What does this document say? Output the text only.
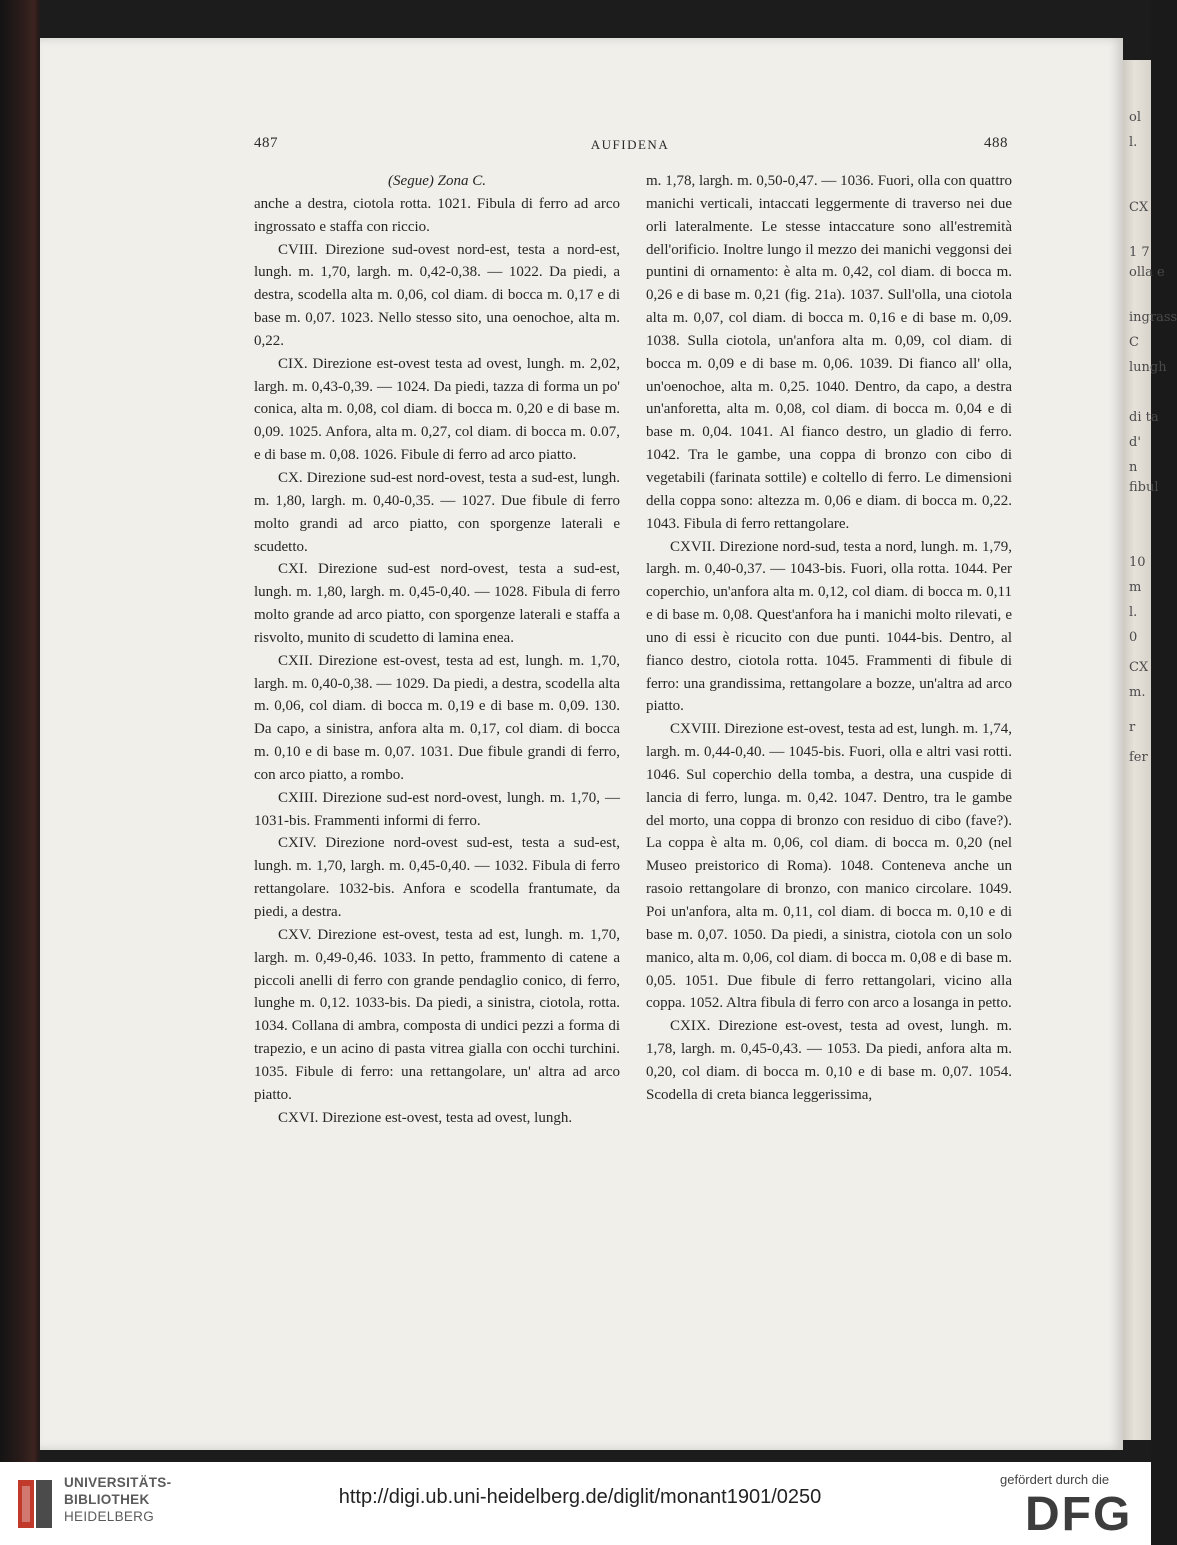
ol
l.
CX
1 7
olla e
ingrass
C
lungh
di ta
d'
n
fibul
10
m
l.
0
CX
m.
r
fer
487	AUFIDENA	488

(Segue) Zona C.

anche a destra, ciotola rotta. 1021. Fibula di ferro ad arco ingrossato e staffa con riccio.

CVIII. Direzione sud-ovest nord-est, testa a nord-est, lungh. m. 1,70, largh. m. 0,42-0,38. — 1022. Da piedi, a destra, scodella alta m. 0,06, col diam. di bocca m. 0,17 e di base m. 0,07. 1023. Nello stesso sito, una oenochoe, alta m. 0,22.

CIX. Direzione est-ovest testa ad ovest, lungh. m. 2,02, largh. m. 0,43-0,39. — 1024. Da piedi, tazza di forma un po' conica, alta m. 0,08, col diam. di bocca m. 0,20 e di base m. 0,09. 1025. Anfora, alta m. 0,27, col diam. di bocca m. 0.07, e di base m. 0,08. 1026. Fibule di ferro ad arco piatto.

CX. Direzione sud-est nord-ovest, testa a sud-est, lungh. m. 1,80, largh. m. 0,40-0,35. — 1027. Due fibule di ferro molto grandi ad arco piatto, con sporgenze laterali e scudetto.

CXI. Direzione sud-est nord-ovest, testa a sud-est, lungh. m. 1,80, largh. m. 0,45-0,40. — 1028. Fibula di ferro molto grande ad arco piatto, con sporgenze laterali e staffa a risvolto, munito di scudetto di lamina enea.

CXII. Direzione est-ovest, testa ad est, lungh. m. 1,70, largh. m. 0,40-0,38. — 1029. Da piedi, a destra, scodella alta m. 0,06, col diam. di bocca m. 0,19 e di base m. 0,09. 130. Da capo, a sinistra, anfora alta m. 0,17, col diam. di bocca m. 0,10 e di base m. 0,07. 1031. Due fibule grandi di ferro, con arco piatto, a rombo.

CXIII. Direzione sud-est nord-ovest, lungh. m. 1,70, — 1031-bis. Frammenti informi di ferro.

CXIV. Direzione nord-ovest sud-est, testa a sud-est, lungh. m. 1,70, largh. m. 0,45-0,40. — 1032. Fibula di ferro rettangolare. 1032-bis. Anfora e scodella frantumate, da piedi, a destra.

CXV. Direzione est-ovest, testa ad est, lungh. m. 1,70, largh. m. 0,49-0,46. 1033. In petto, frammento di catene a piccoli anelli di ferro con grande pendaglio conico, di ferro, lunghe m. 0,12. 1033-bis. Da piedi, a sinistra, ciotola, rotta. 1034. Collana di ambra, composta di undici pezzi a forma di trapezio, e un acino di pasta vitrea gialla con occhi turchini. 1035. Fibule di ferro: una rettangolare, un' altra ad arco piatto.

CXVI. Direzione est-ovest, testa ad ovest, lungh.

m. 1,78, largh. m. 0,50-0,47. — 1036. Fuori, olla con quattro manichi verticali, intaccati leggermente di traverso nei due orli lateralmente. Le stesse intaccature sono all'estremità dell'orificio. Inoltre lungo il mezzo dei manichi veggonsi dei puntini di ornamento: è alta m. 0,42, col diam. di bocca m. 0,26 e di base m. 0,21 (fig. 21a). 1037. Sull'olla, una ciotola alta m. 0,07, col diam. di bocca m. 0,16 e di base m. 0,09. 1038. Sulla ciotola, un'anfora alta m. 0,09, col diam. di bocca m. 0,09 e di base m. 0,06. 1039. Di fianco all' olla, un'oenochoe, alta m. 0,25. 1040. Dentro, da capo, a destra un'anforetta, alta m. 0,08, col diam. di bocca m. 0,04 e di base m. 0,04. 1041. Al fianco destro, un gladio di ferro. 1042. Tra le gambe, una coppa di bronzo con cibo di vegetabili (farinata sottile) e coltello di ferro. Le dimensioni della coppa sono: altezza m. 0,06 e diam. di bocca m. 0,22. 1043. Fibula di ferro rettangolare.

CXVII. Direzione nord-sud, testa a nord, lungh. m. 1,79, largh. m. 0,40-0,37. — 1043-bis. Fuori, olla rotta. 1044. Per coperchio, un'anfora alta m. 0,12, col diam. di bocca m. 0,11 e di base m. 0,08. Quest'anfora ha i manichi molto rilevati, e uno di essi è ricucito con due punti. 1044-bis. Dentro, al fianco destro, ciotola rotta. 1045. Frammenti di fibule di ferro: una grandissima, rettangolare a bozze, un'altra ad arco piatto.

CXVIII. Direzione est-ovest, testa ad est, lungh. m. 1,74, largh. m. 0,44-0,40. — 1045-bis. Fuori, olla e altri vasi rotti. 1046. Sul coperchio della tomba, a destra, una cuspide di lancia di ferro, lunga. m. 0,42. 1047. Dentro, tra le gambe del morto, una coppa di bronzo con residuo di cibo (fave?). La coppa è alta m. 0,06, col diam. di bocca m. 0,20 (nel Museo preistorico di Roma). 1048. Conteneva anche un rasoio rettangolare di bronzo, con manico circolare. 1049. Poi un'anfora, alta m. 0,11, col diam. di bocca m. 0,10 e di base m. 0,07. 1050. Da piedi, a sinistra, ciotola con un solo manico, alta m. 0,06, col diam. di bocca m. 0,08 e di base m. 0,05. 1051. Due fibule di ferro rettangolari, vicino alla coppa. 1052. Altra fibula di ferro con arco a losanga in petto.

CXIX. Direzione est-ovest, testa ad ovest, lungh. m. 1,78, largh. m. 0,45-0,43. — 1053. Da piedi, anfora alta m. 0,20, col diam. di bocca m. 0,10 e di base m. 0,07. 1054. Scodella di creta bianca leggerissima,

UNIVERSITÄTS-
BIBLIOTHEK
HEIDELBERG
http://digi.ub.uni-heidelberg.de/diglit/monant1901/0250
gefördert durch die
DFG
